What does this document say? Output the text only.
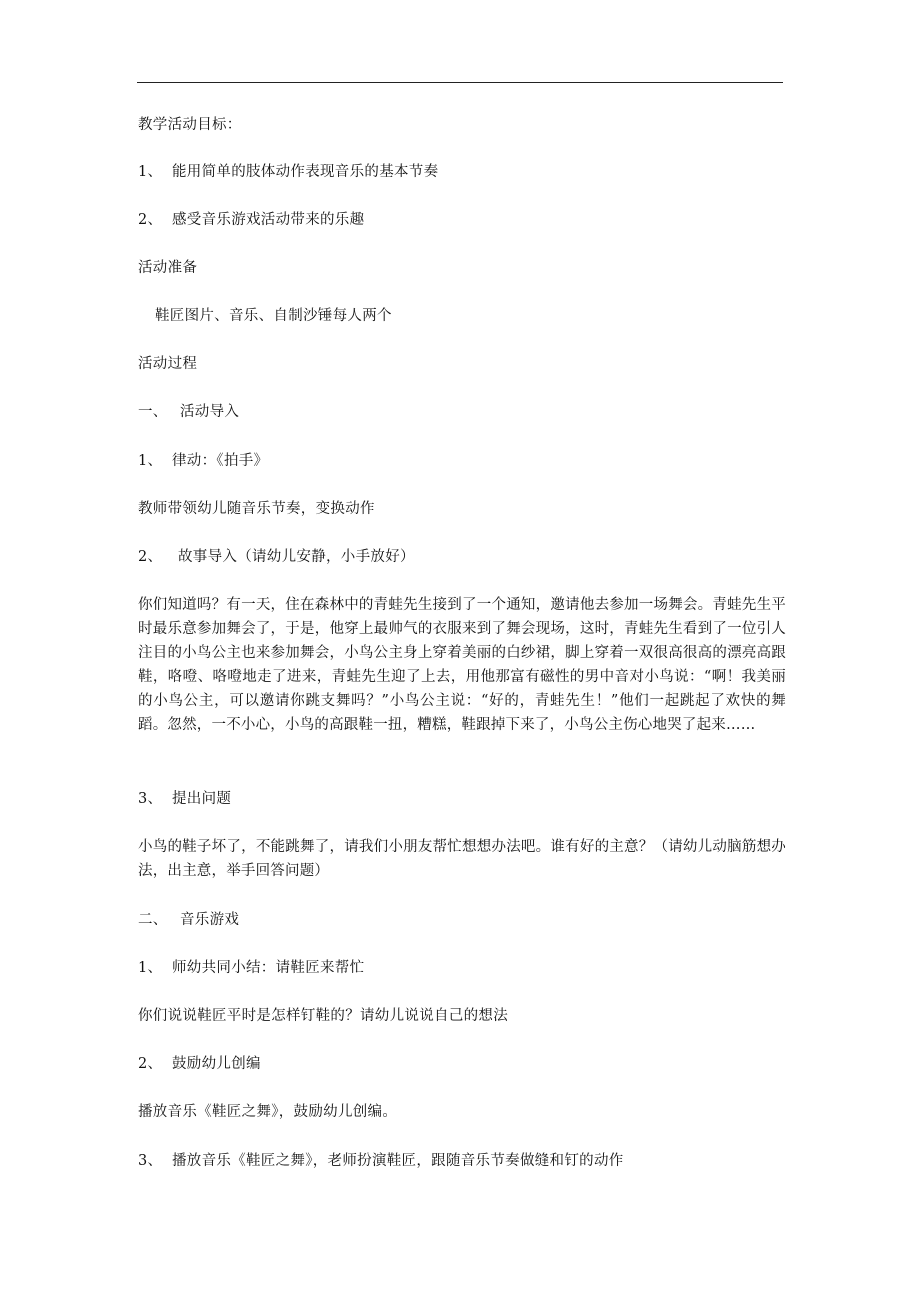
教学活动目标：
1、 能用简单的肢体动作表现音乐的基本节奏
2、 感受音乐游戏活动带来的乐趣
活动准备
鞋匠图片、音乐、自制沙锤每人两个
活动过程
一、 活动导入
1、 律动：《拍手》
教师带领幼儿随音乐节奏，变换动作
2、 故事导入（请幼儿安静，小手放好）
你们知道吗？有一天，住在森林中的青蛙先生接到了一个通知，邀请他去参加一场舞会。青蛙先生平时最乐意参加舞会了，于是，他穿上最帅气的衣服来到了舞会现场，这时，青蛙先生看到了一位引人注目的小鸟公主也来参加舞会，小鸟公主身上穿着美丽的白纱裙，脚上穿着一双很高很高的漂亮高跟鞋，咯噔、咯噔地走了进来，青蛙先生迎了上去，用他那富有磁性的男中音对小鸟说：“啊！我美丽的小鸟公主，可以邀请你跳支舞吗？”小鸟公主说：“好的，青蛙先生！”他们一起跳起了欢快的舞蹈。忽然，一不小心，小鸟的高跟鞋一扭，糟糕，鞋跟掉下来了，小鸟公主伤心地哭了起来……
3、 提出问题
小鸟的鞋子坏了，不能跳舞了，请我们小朋友帮忙想想办法吧。谁有好的主意？（请幼儿动脑筋想办法，出主意，举手回答问题）
二、 音乐游戏
1、 师幼共同小结：请鞋匠来帮忙
你们说说鞋匠平时是怎样钉鞋的？请幼儿说说自己的想法
2、 鼓励幼儿创编
播放音乐《鞋匠之舞》，鼓励幼儿创编。
3、 播放音乐《鞋匠之舞》，老师扮演鞋匠，跟随音乐节奏做缝和钉的动作
